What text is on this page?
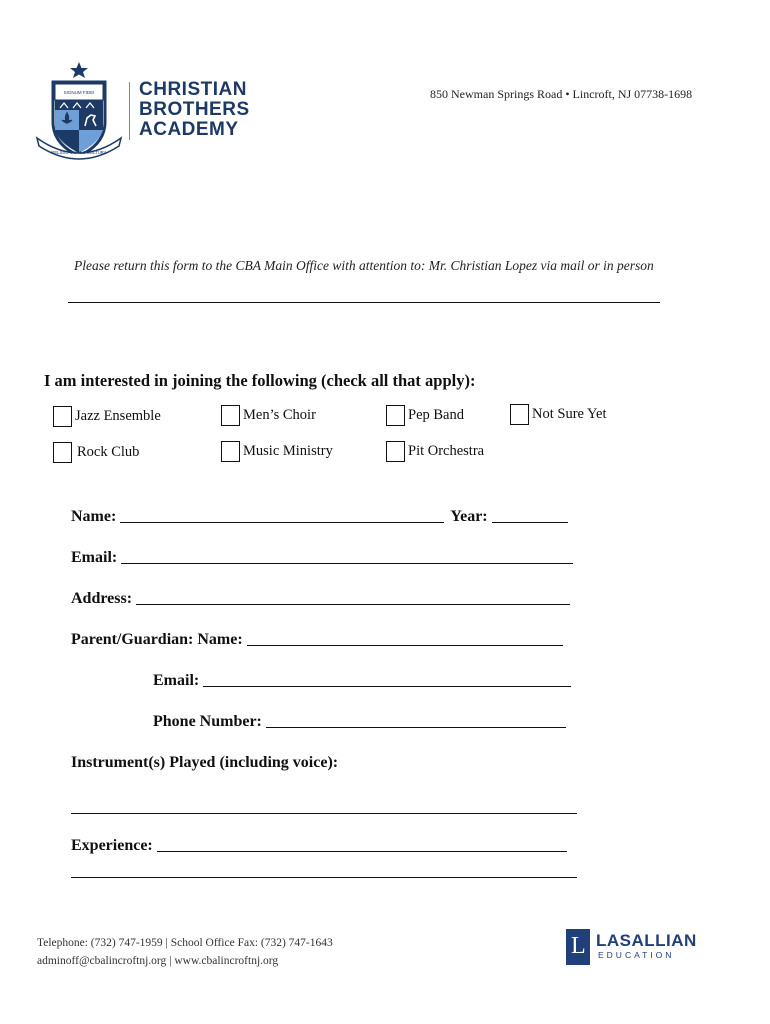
SIGNUM FIDEI
RELIGIO MORES CULTURA
CHRISTIAN
BROTHERS
ACADEMY
850 Newman Springs Road • Lincroft, NJ 07738-1698
Please return this form to the CBA Main Office with attention to: Mr. Christian Lopez via mail or in person
I am interested in joining the following (check all that apply):
Jazz Ensemble	Men’s Choir	Pep Band	Not Sure Yet
Rock Club	Music Ministry	Pit Orchestra
Name:	Year:
Email:
Address:
Parent/Guardian: Name:
Email:
Phone Number:
Instrument(s) Played (including voice):
Experience:
Telephone: (732) 747-1959 | School Office Fax: (732) 747-1643
adminoff@cbalincroftnj.org | www.cbalincroftnj.org
L LASALLIAN
EDUCATION
